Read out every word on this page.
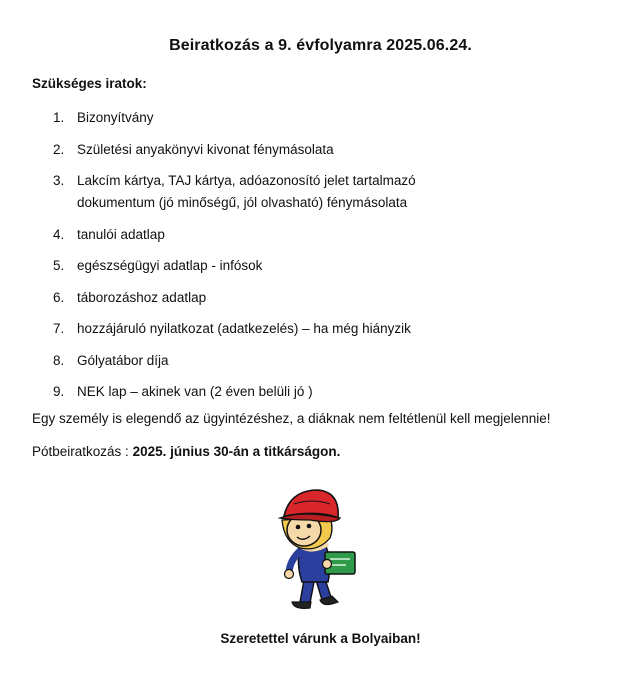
Beiratkozás a 9. évfolyamra 2025.06.24.
Szükséges iratok:
1. Bizonyítvány
2. Születési anyakönyvi kivonat fénymásolata
3. Lakcím kártya, TAJ kártya, adóazonosító jelet tartalmazó dokumentum (jó minőségű, jól olvasható) fénymásolata
4. tanulói adatlap
5. egészségügyi adatlap - infósok
6. táborozáshoz adatlap
7. hozzájáruló nyilatkozat (adatkezelés) – ha még hiányzik
8. Gólyatábor díja
9. NEK lap – akinek van (2 éven belüli jó )
Egy személy is elegendő az ügyintézéshez, a diáknak nem feltétlenül kell megjelennie!
Pótbeiratkozás : 2025. június 30-án a titkárságon.
Szeretettel várunk a Bolyaiban!
